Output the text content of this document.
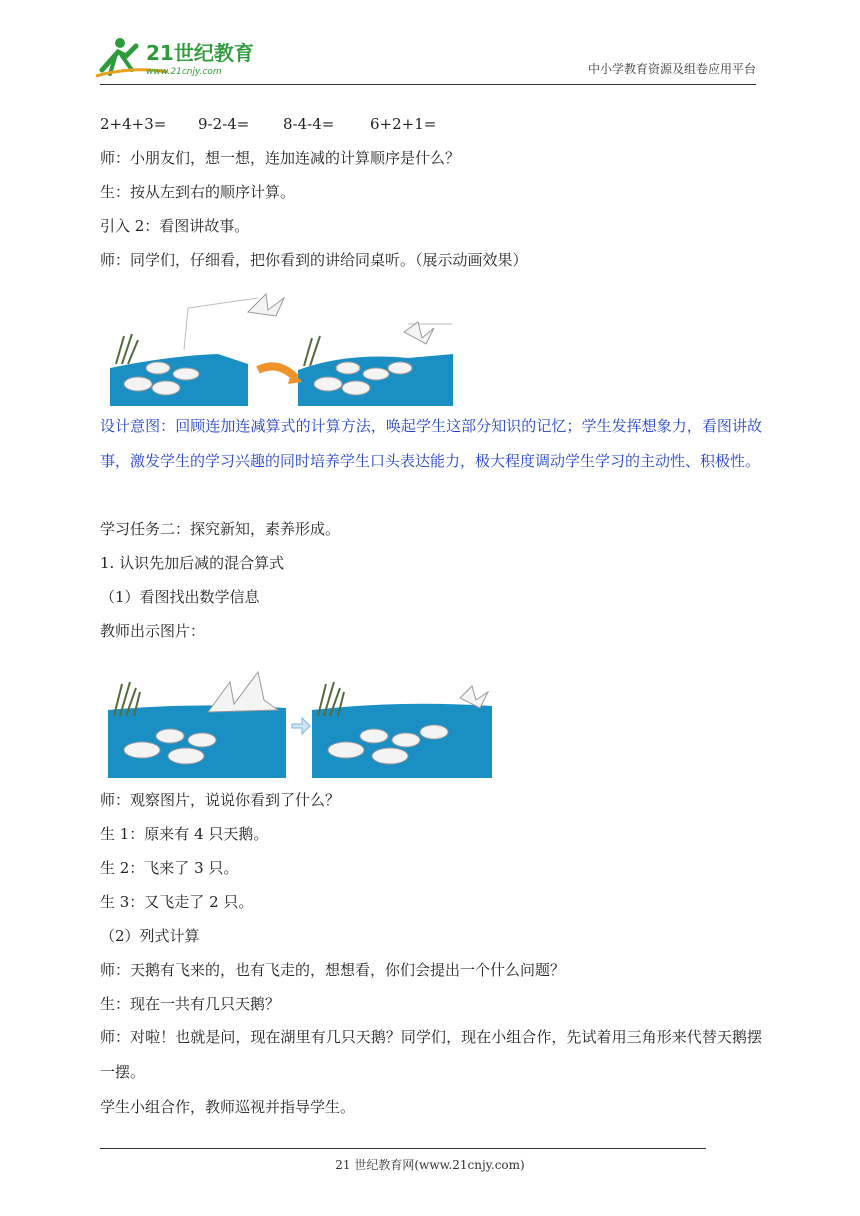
21世纪教育
www.21cnjy.com	中小学教育资源及组卷应用平台
2+4+3= 9-2-4= 8-4-4= 6+2+1=
师：小朋友们，想一想，连加连减的计算顺序是什么？
生：按从左到右的顺序计算。
引入 2：看图讲故事。
师：同学们，仔细看，把你看到的讲给同桌听。（展示动画效果）
设计意图：回顾连加连减算式的计算方法，唤起学生这部分知识的记忆；学生发挥想象力，看图讲故事，激发学生的学习兴趣的同时培养学生口头表达能力，极大程度调动学生学习的主动性、积极性。
学习任务二：探究新知，素养形成。
1. 认识先加后减的混合算式
（1）看图找出数学信息
教师出示图片：
师：观察图片，说说你看到了什么？
生 1：原来有 4 只天鹅。
生 2：飞来了 3 只。
生 3：又飞走了 2 只。
（2）列式计算
师：天鹅有飞来的，也有飞走的，想想看，你们会提出一个什么问题？
生：现在一共有几只天鹅？
师：对啦！也就是问，现在湖里有几只天鹅？同学们，现在小组合作，先试着用三角形来代替天鹅摆一摆。
学生小组合作，教师巡视并指导学生。
21 世纪教育网(www.21cnjy.com)
